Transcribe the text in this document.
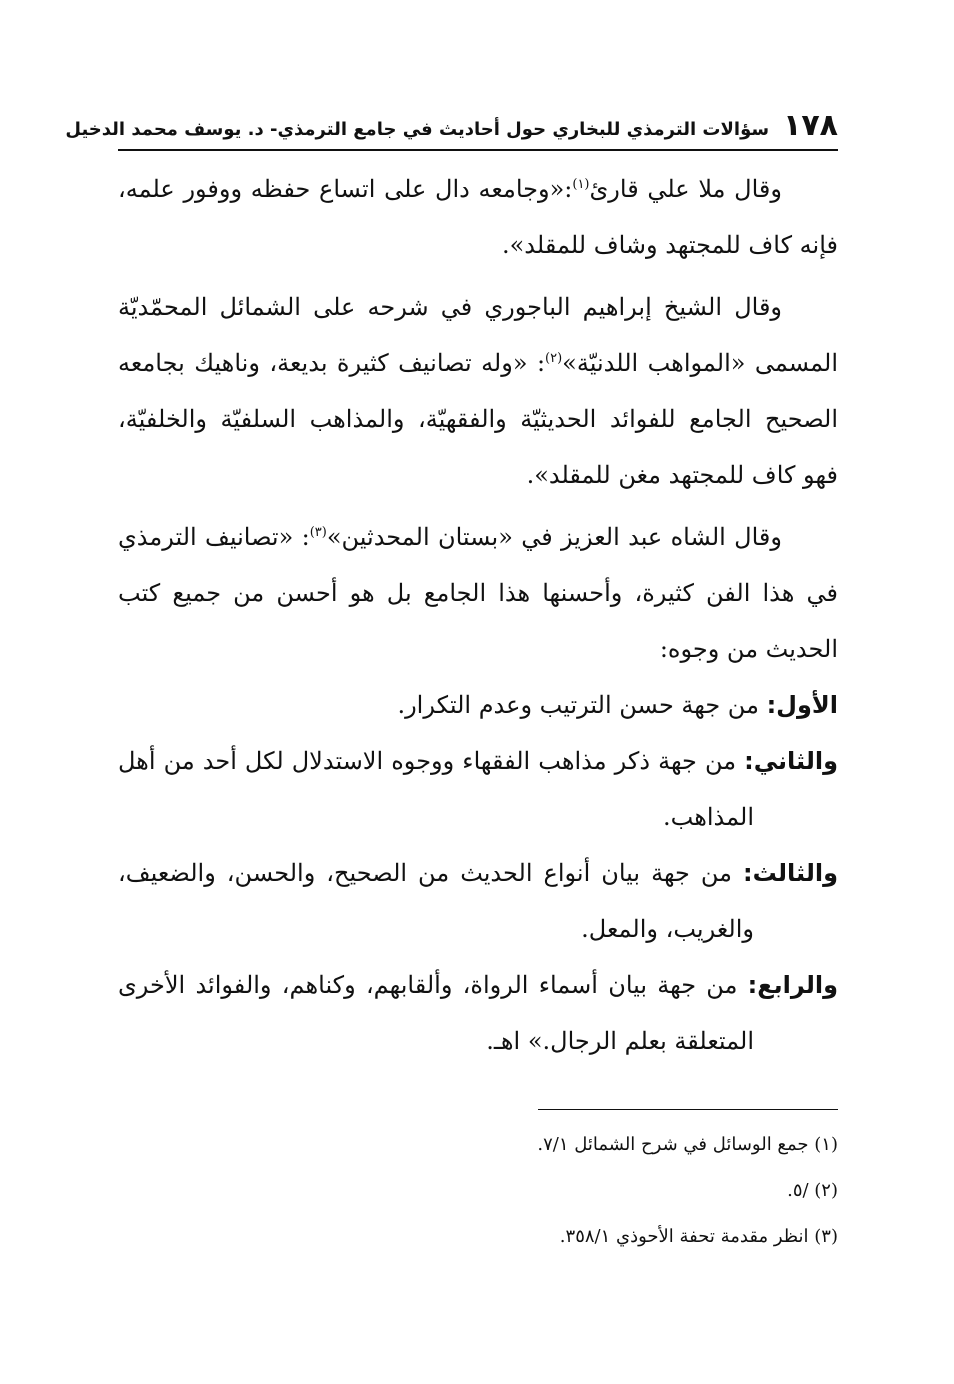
١٧٨
سؤالات الترمذي للبخاري حول أحاديث في جامع الترمذي- د. يوسف محمد الدخيل

وقال ملا علي قارئ$^{(١)}$:«وجامعه دال على اتساع حفظه ووفور علمه، فإنه كاف للمجتهد وشاف للمقلد».

وقال الشيخ إبراهيم الباجوري في شرحه على الشمائل المحمّديّة المسمى «المواهب اللدنيّة»$^{(٢)}$: «وله تصانيف كثيرة بديعة، وناهيك بجامعه الصحيح الجامع للفوائد الحديثيّة والفقهيّة، والمذاهب السلفيّة والخلفيّة، فهو كاف للمجتهد مغن للمقلد».

وقال الشاه عبد العزيز في «بستان المحدثين»$^{(٣)}$: «تصانيف الترمذي في هذا الفن كثيرة، وأحسنها هذا الجامع بل هو أحسن من جميع كتب الحديث من وجوه:

الأول: من جهة حسن الترتيب وعدم التكرار.

والثاني: من جهة ذكر مذاهب الفقهاء ووجوه الاستدلال لكل أحد من أهل المذاهب.

والثالث: من جهة بيان أنواع الحديث من الصحيح، والحسن، والضعيف، والغريب، والمعل.

والرابع: من جهة بيان أسماء الرواة، وألقابهم، وكناهم، والفوائد الأخرى المتعلقة بعلم الرجال.» اهـ.

(١) جمع الوسائل في شرح الشمائل ٧/١.

(٢) /٥.

(٣) انظر مقدمة تحفة الأحوذي ٣٥٨/١.
